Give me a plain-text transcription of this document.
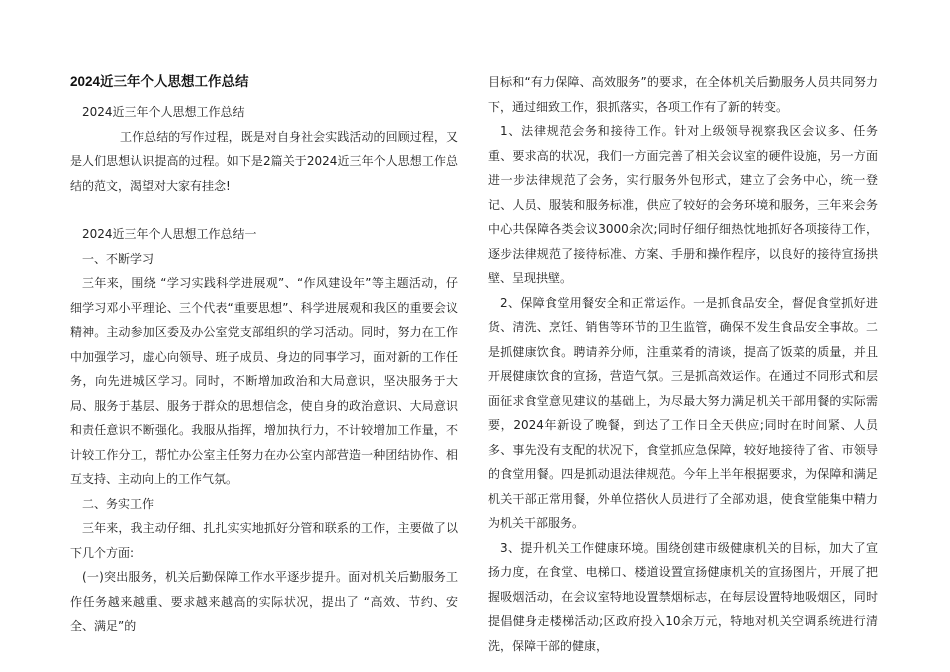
2024近三年个人思想工作总结

2024近三年个人思想工作总结

工作总结的写作过程，既是对自身社会实践活动的回顾过程，又是人们思想认识提高的过程。如下是2篇关于2024近三年个人思想工作总结的范文，渴望对大家有挂念!

2024近三年个人思想工作总结一

一、不断学习

三年来，围绕 “学习实践科学进展观”、“作风建设年”等主题活动，仔细学习邓小平理论、三个代表“重要思想”、科学进展观和我区的重要会议精神。主动参加区委及办公室党支部组织的学习活动。同时，努力在工作中加强学习，虚心向领导、班子成员、身边的同事学习，面对新的工作任务，向先进城区学习。同时，不断增加政治和大局意识，坚决服务于大局、服务于基层、服务于群众的思想信念，使自身的政治意识、大局意识和责任意识不断强化。我服从指挥，增加执行力，不计较增加工作量，不计较工作分工，帮忙办公室主任努力在办公室内部营造一种团结协作、相互支持、主动向上的工作气氛。

二、务实工作

三年来，我主动仔细、扎扎实实地抓好分管和联系的工作，主要做了以下几个方面:

(一)突出服务，机关后勤保障工作水平逐步提升。面对机关后勤服务工作任务越来越重、要求越来越高的实际状况，提出了 “高效、节约、安全、满足”的

目标和“有力保障、高效服务”的要求，在全体机关后勤服务人员共同努力下，通过细致工作，狠抓落实，各项工作有了新的转变。

1、法律规范会务和接待工作。针对上级领导视察我区会议多、任务重、要求高的状况，我们一方面完善了相关会议室的硬件设施，另一方面进一步法律规范了会务，实行服务外包形式，建立了会务中心，统一登记、人员、服装和服务标准，供应了较好的会务环境和服务，三年来会务中心共保障各类会议3000余次;同时仔细仔细热忱地抓好各项接待工作，逐步法律规范了接待标准、方案、手册和操作程序，以良好的接待宣扬拱壁、呈现拱壁。

2、保障食堂用餐安全和正常运作。一是抓食品安全，督促食堂抓好进货、清洗、烹饪、销售等环节的卫生监管，确保不发生食品安全事故。二是抓健康饮食。聘请养分师，注重菜肴的清谈，提高了饭菜的质量，并且开展健康饮食的宣扬，营造气氛。三是抓高效运作。在通过不同形式和层面征求食堂意见建议的基础上，为尽最大努力满足机关干部用餐的实际需要，2024年新设了晚餐，到达了工作日全天供应;同时在时间紧、人员多、事先没有支配的状况下，食堂抓应急保障，较好地接待了省、市领导的食堂用餐。四是抓动退法律规范。今年上半年根据要求，为保障和满足机关干部正常用餐，外单位搭伙人员进行了全部劝退，使食堂能集中精力为机关干部服务。

3、提升机关工作健康环境。围绕创建市级健康机关的目标，加大了宣扬力度，在食堂、电梯口、楼道设置宣扬健康机关的宣扬图片，开展了把握吸烟活动，在会议室特地设置禁烟标志，在每层设置特地吸烟区，同时提倡健身走楼梯活动;区政府投入10余万元，特地对机关空调系统进行清洗，保障干部的健康，
